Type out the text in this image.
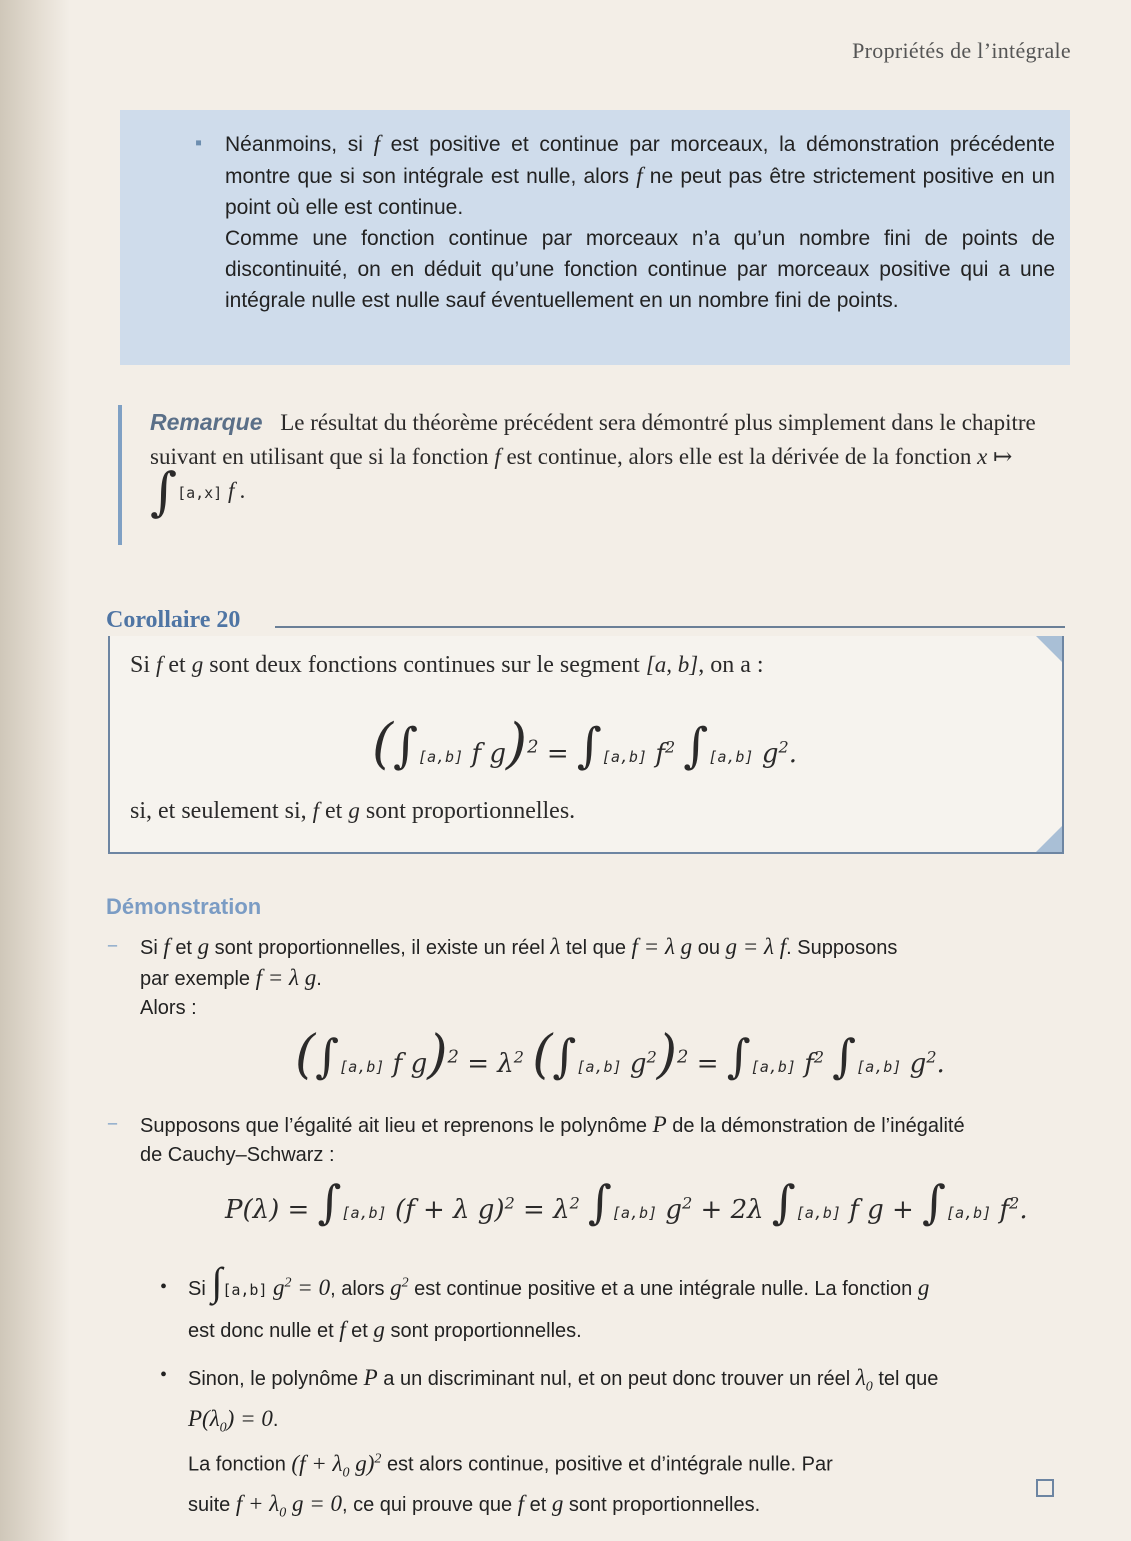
Propriétés de l’intégrale
▪ Néanmoins, si f est positive et continue par morceaux, la démonstration précédente montre que si son intégrale est nulle, alors f ne peut pas être strictement positive en un point où elle est continue.

Comme une fonction continue par morceaux n’a qu’un nombre fini de points de discontinuité, on en déduit qu’une fonction continue par morceaux positive qui a une intégrale nulle est nulle sauf éventuellement en un nombre fini de points.

Remarque Le résultat du théorème précédent sera démontré plus simplement dans le chapitre suivant en utilisant que si la fonction f est continue, alors elle est la dérivée de la fonction x ↦ ∫[a,x] f .
Corollaire 20
Si f et g sont deux fonctions continues sur le segment [a, b], on a :
(∫[a,b] f g)$^2$ = ∫[a,b] $f^2$ ∫[a,b] $g^2$.
si, et seulement si, f et g sont proportionnelles.
Démonstration
– Si f et g sont proportionnelles, il existe un réel λ tel que f = λ g ou g = λ f. Supposons
par exemple f = λ g.
Alors :
(∫[a,b] f $g)^2 = \lambda^2$ (∫[a,b] $g^2)^2 = \int[a,b]$ $f^2$ ∫[a,b] $g^2$.
– Supposons que l’égalité ait lieu et reprenons le polynôme P de la démonstration de l’inégalité
de Cauchy–Schwarz :
P(λ) = ∫[a,b] (f + λ $g)^2 = \lambda^2$ ∫[a,b] $g^2 + 2\lambda$ ∫[a,b] f g + ∫[a,b] $f^2$.
• Si ∫[a,b] $g^2 = 0$, alors $g^2$ est continue positive et a une intégrale nulle. La fonction g
est donc nulle et f et g sont proportionnelles.
• Sinon, le polynôme P a un discriminant nul, et on peut donc trouver un réel $\lambda_0$ tel que
$P(\lambda_0) = 0$.
La fonction ($f + \lambda_0$ g)$^2$ est alors continue, positive et d’intégrale nulle. Par
suite $f + \lambda_0$ g = 0, ce qui prouve que f et g sont proportionnelles.
